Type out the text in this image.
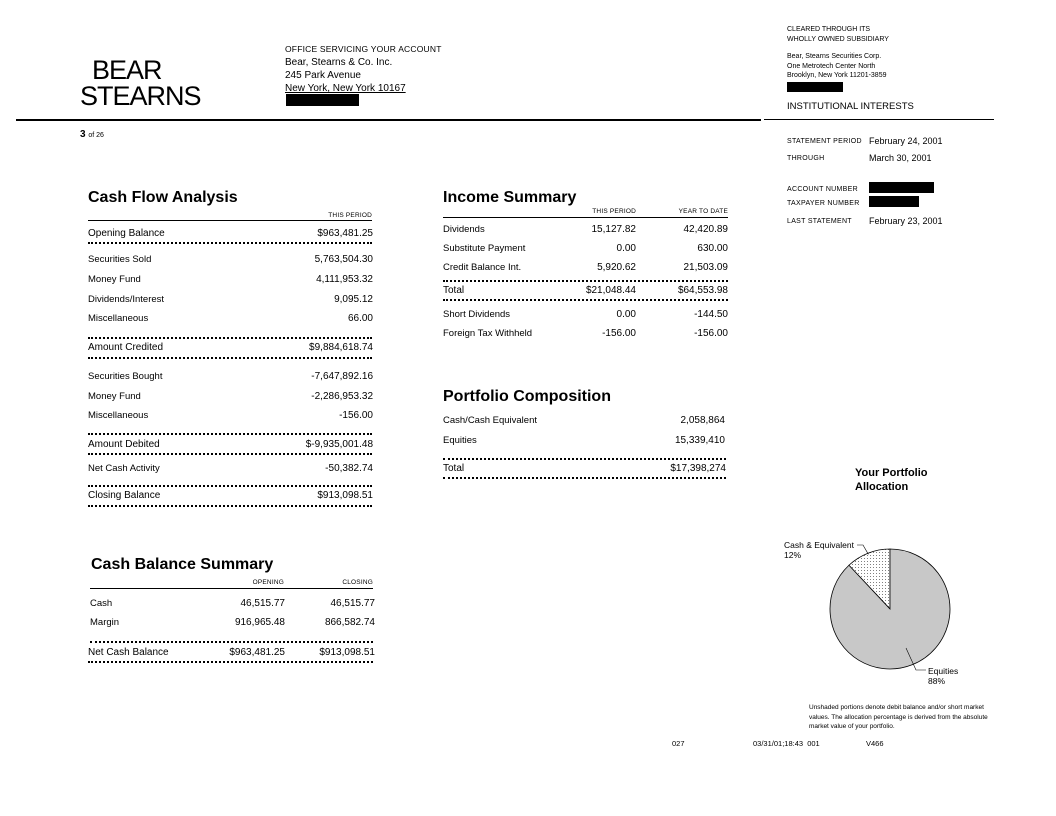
BEAR
STEARNS
OFFICE SERVICING YOUR ACCOUNT
Bear, Stearns & Co. Inc.
245 Park Avenue
New York, New York 10167
3 of 26
CLEARED THROUGH ITS
WHOLLY OWNED SUBSIDIARY
Bear, Stearns Securities Corp.
One Metrotech Center North
Brooklyn, New York 11201-3859
INSTITUTIONAL INTERESTS
STATEMENT PERIOD February 24, 2001
THROUGH	March 30, 2001
ACCOUNT NUMBER
TAXPAYER NUMBER
LAST STATEMENT February 23, 2001
Cash Flow Analysis
THIS PERIOD
Opening Balance	$963,481.25
Securities Sold	5,763,504.30
Money Fund	4,111,953.32
Dividends/Interest	9,095.12
Miscellaneous	66.00
Amount Credited	$9,884,618.74
Securities Bought	-7,647,892.16
Money Fund	-2,286,953.32
Miscellaneous	-156.00
Amount Debited	$-9,935,001.48
Net Cash Activity	-50,382.74
Closing Balance	$913,098.51
Income Summary
THIS PERIOD	YEAR TO DATE
Dividends	15,127.82	42,420.89
Substitute Payment	0.00	630.00
Credit Balance Int.	5,920.62	21,503.09
Total	$21,048.44	$64,553.98
Short Dividends	0.00	-144.50
Foreign Tax Withheld	-156.00	-156.00
Portfolio Composition
Cash/Cash Equivalent	2,058,864
Equities	15,339,410
Total	$17,398,274
Cash Balance Summary
OPENING	CLOSING
Cash	46,515.77	46,515.77
Margin	916,965.48	866,582.74
Net Cash Balance	$963,481.25	$913,098.51
Your Portfolio
Allocation
Cash & Equivalent
12%
Equities
88%
Unshaded portions denote debit balance and/or short market values. The allocation percentage is derived from the absolute market value of your portfolio.
027	03/31/01;18:43  001	V466
